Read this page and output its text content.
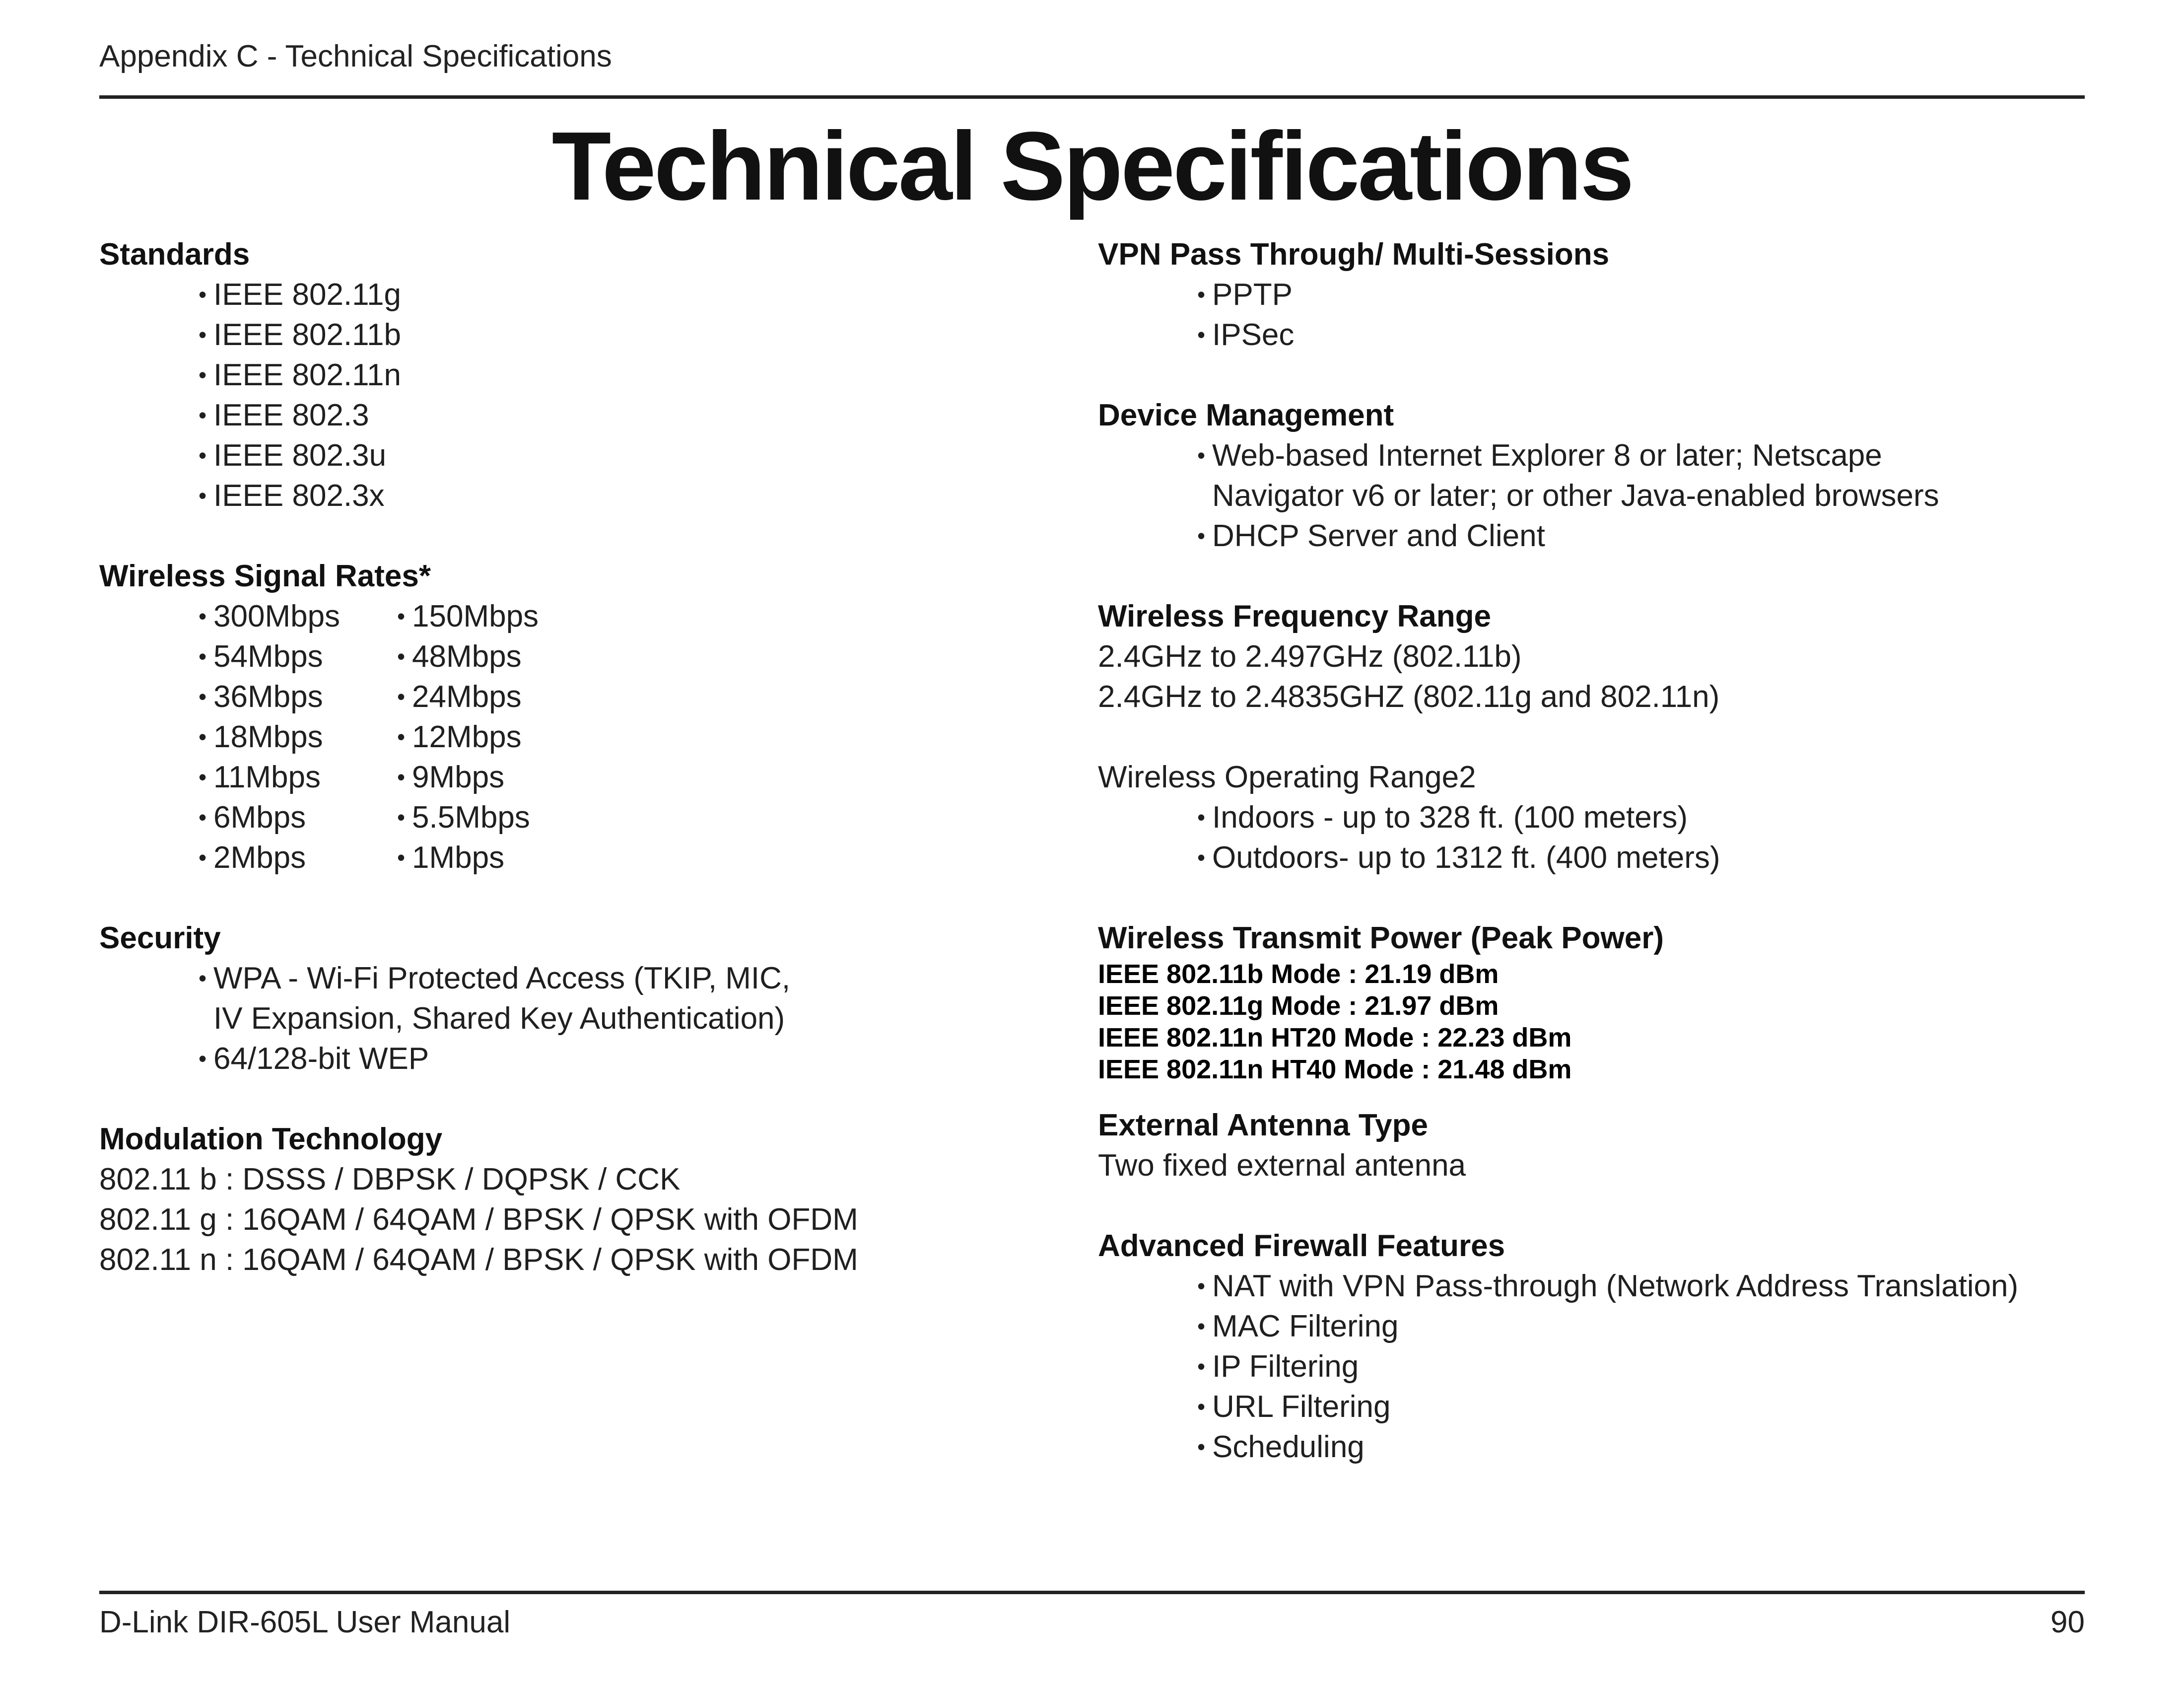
Appendix C - Technical Specifications
Technical Specifications
Standards
• IEEE 802.11g
• IEEE 802.11b
• IEEE 802.11n
• IEEE 802.3
• IEEE 802.3u
• IEEE 802.3x
Wireless Signal Rates*
• 300Mbps	• 150Mbps
• 54Mbps	• 48Mbps
• 36Mbps	• 24Mbps
• 18Mbps	• 12Mbps
• 11Mbps	• 9Mbps
• 6Mbps	• 5.5Mbps
• 2Mbps	• 1Mbps
Security
• WPA - Wi-Fi Protected Access (TKIP, MIC,
IV Expansion, Shared Key Authentication)
• 64/128-bit WEP
Modulation Technology
802.11 b : DSSS / DBPSK / DQPSK / CCK
802.11 g : 16QAM / 64QAM / BPSK / QPSK with OFDM
802.11 n : 16QAM / 64QAM / BPSK / QPSK with OFDM
VPN Pass Through/ Multi-Sessions
• PPTP
• IPSec
Device Management
• Web-based Internet Explorer 8 or later; Netscape
Navigator v6 or later; or other Java-enabled browsers
• DHCP Server and Client
Wireless Frequency Range
2.4GHz to 2.497GHz (802.11b)
2.4GHz to 2.4835GHZ (802.11g and 802.11n)
Wireless Operating Range2
• Indoors - up to 328 ft. (100 meters)
• Outdoors- up to 1312 ft. (400 meters)
Wireless Transmit Power (Peak Power)
IEEE 802.11b Mode : 21.19 dBm
IEEE 802.11g Mode : 21.97 dBm
IEEE 802.11n HT20 Mode : 22.23 dBm
IEEE 802.11n HT40 Mode : 21.48 dBm
External Antenna Type
Two fixed external antenna
Advanced Firewall Features
• NAT with VPN Pass-through (Network Address Translation)
• MAC Filtering
• IP Filtering
• URL Filtering
• Scheduling
D-Link DIR-605L User Manual	90
